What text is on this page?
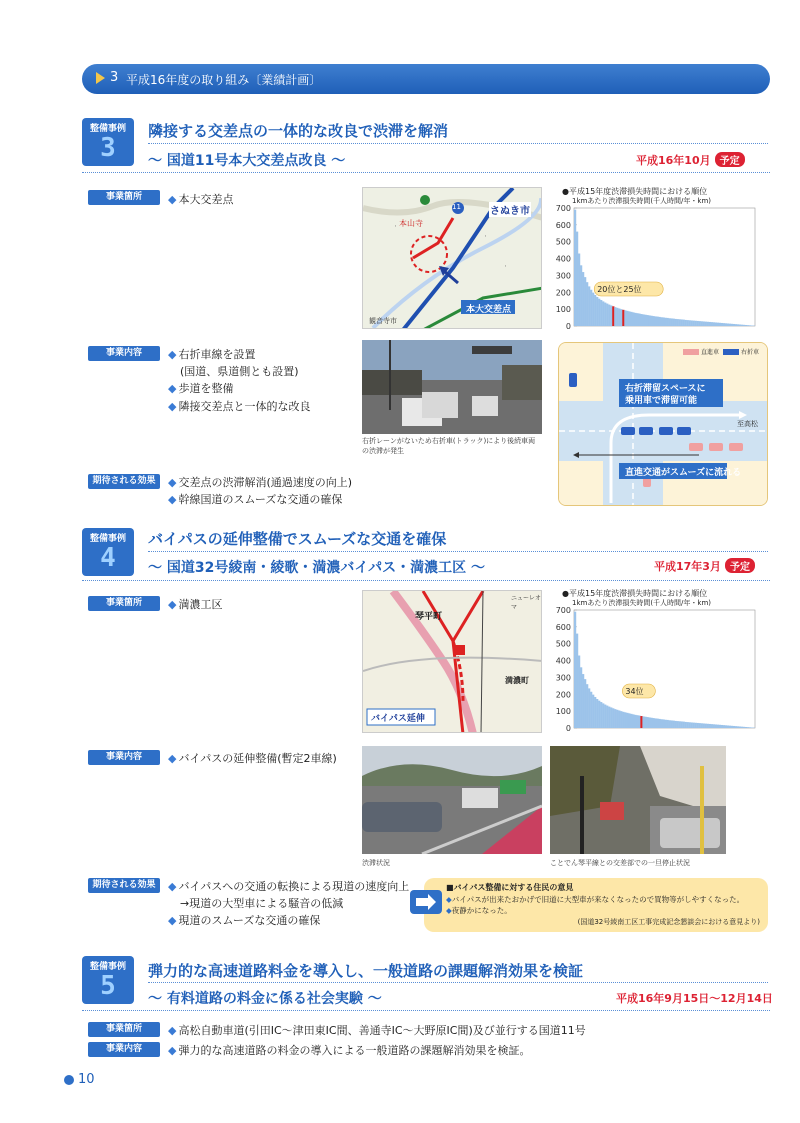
3 平成16年度の取り組み〔業績計画〕
整備事例
3
隣接する交差点の一体的な改良で渋滞を解消
〜 国道11号本大交差点改良 〜	平成16年10月 予定
事業箇所	◆ 本大交差点
・
・
・
さぬき市
11
本大交差点
本山寺
観音寺市
●平成15年度渋滞損失時間における順位
1kmあたり渋滞損失時間(千人時間/年・km)
700
600
500
400
300
200
100
0
20位と25位
事業内容	◆ 右折車線を設置
(国道、県道側とも設置)
◆ 歩道を整備
◆ 隣接交差点と一体的な改良
右折レーンがないため右折車(トラック)により後続車両の渋滞が発生
直進車	右折車
右折滞留スペースに
乗用車で滞留可能
至高松
直進交通がスムーズに流れる
期待される効果	◆ 交差点の渋滞解消(通過速度の向上)
◆ 幹線国道のスムーズな交通の確保
整備事例
4
バイパスの延伸整備でスムーズな交通を確保
〜 国道32号綾南・綾歌・満濃バイパス・満濃工区 〜	平成17年3月 予定
事業箇所	◆ 満濃工区
琴平町
満濃町
バイパス延伸
ニューレオマ
●平成15年度渋滞損失時間における順位
1kmあたり渋滞損失時間(千人時間/年・km)
700
600
500
400
300
200
100
0
34位
事業内容	◆ バイパスの延伸整備(暫定2車線)
渋滞状況	ことでん琴平線との交差部での一旦停止状況
期待される効果	◆ バイパスへの交通の転換による現道の速度向上
→現道の大型車による騒音の低減
◆ 現道のスムーズな交通の確保
■バイパス整備に対する住民の意見
◆バイパスが出来たおかげで旧道に大型車が来なくなったので買物等がしやすくなった。
◆夜静かになった。
(国道32号綾南工区工事完成記念懇談会における意見より)
整備事例
5	弾力的な高速道路料金を導入し、一般道路の課題解消効果を検証
〜 有料道路の料金に係る社会実験 〜	平成16年9月15日〜12月14日
事業箇所	◆ 高松自動車道(引田IC〜津田東IC間、善通寺IC〜大野原IC間)及び並行する国道11号
事業内容	◆ 弾力的な高速道路の料金の導入による一般道路の課題解消効果を検証。
10
